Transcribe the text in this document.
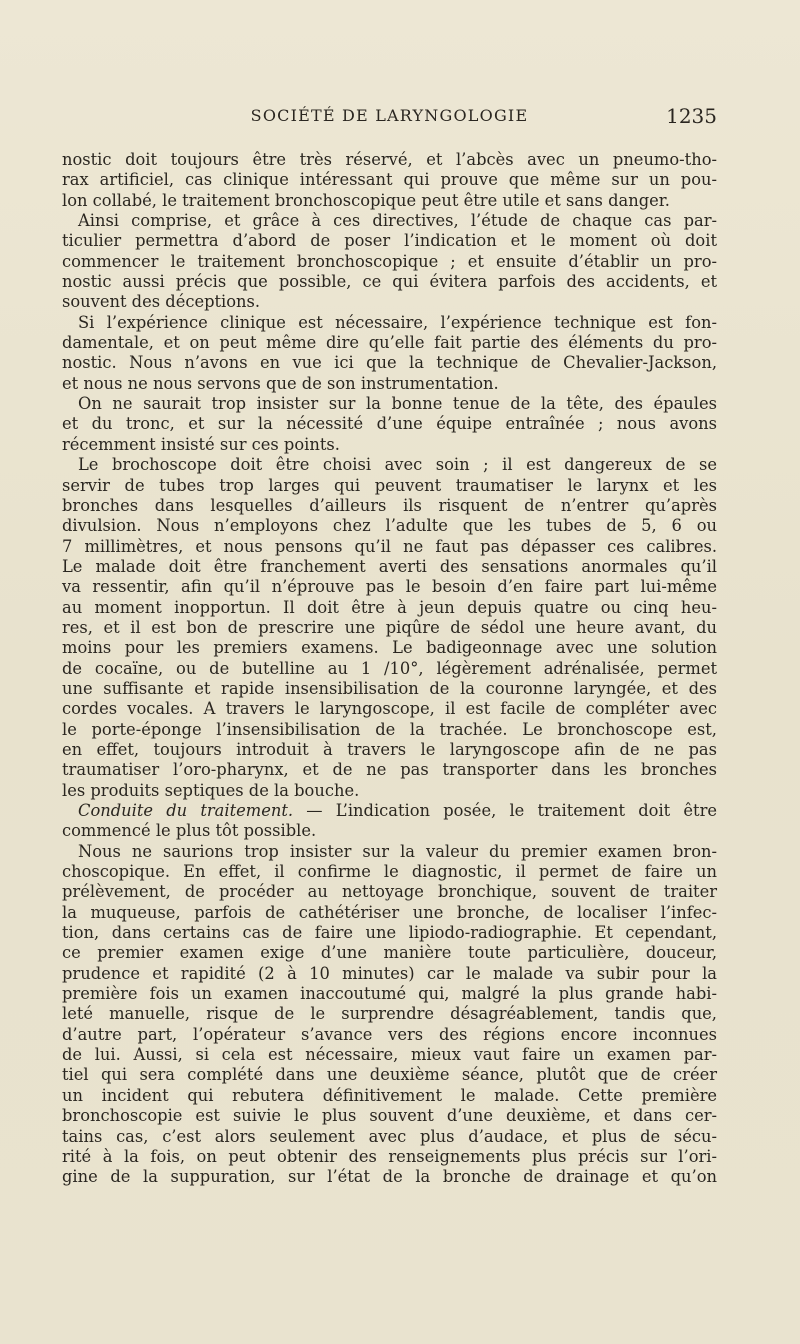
SOCIÉTÉ DE LARYNGOLOGIE	1235

nostic doit toujours être très réservé, et l’abcès avec un pneumo-tho-
rax artificiel, cas clinique intéressant qui prouve que même sur un pou-
lon collabé, le traitement bronchoscopique peut être utile et sans danger.

Ainsi comprise, et grâce à ces directives, l’étude de chaque cas par-
ticulier permettra d’abord de poser l’indication et le moment où doit
commencer le traitement bronchoscopique ; et ensuite d’établir un pro-
nostic aussi précis que possible, ce qui évitera parfois des accidents, et
souvent des déceptions.

Si l’expérience clinique est nécessaire, l’expérience technique est fon-
damentale, et on peut même dire qu’elle fait partie des éléments du pro-
nostic. Nous n’avons en vue ici que la technique de Chevalier-Jackson,
et nous ne nous servons que de son instrumentation.

On ne saurait trop insister sur la bonne tenue de la tête, des épaules
et du tronc, et sur la nécessité d’une équipe entraînée ; nous avons
récemment insisté sur ces points.

Le brochoscope doit être choisi avec soin ; il est dangereux de se
servir de tubes trop larges qui peuvent traumatiser le larynx et les
bronches dans lesquelles d’ailleurs ils risquent de n’entrer qu’après
divulsion. Nous n’employons chez l’adulte que les tubes de 5, 6 ou
7 millimètres, et nous pensons qu’il ne faut pas dépasser ces calibres.
Le malade doit être franchement averti des sensations anormales qu’il
va ressentir, afin qu’il n’éprouve pas le besoin d’en faire part lui-même
au moment inopportun. Il doit être à jeun depuis quatre ou cinq heu-
res, et il est bon de prescrire une piqûre de sédol une heure avant, du
moins pour les premiers examens. Le badigeonnage avec une solution
de cocaïne, ou de butelline au 1 /10°, légèrement adrénalisée, permet
une suffisante et rapide insensibilisation de la couronne laryngée, et des
cordes vocales. A travers le laryngoscope, il est facile de compléter avec
le porte-éponge l’insensibilisation de la trachée. Le bronchoscope est,
en effet, toujours introduit à travers le laryngoscope afin de ne pas
traumatiser l’oro-pharynx, et de ne pas transporter dans les bronches
les produits septiques de la bouche.

Conduite du traitement. — L’indication posée, le traitement doit être
commencé le plus tôt possible.

Nous ne saurions trop insister sur la valeur du premier examen bron-
choscopique. En effet, il confirme le diagnostic, il permet de faire un
prélèvement, de procéder au nettoyage bronchique, souvent de traiter
la muqueuse, parfois de cathétériser une bronche, de localiser l’infec-
tion, dans certains cas de faire une lipiodo-radiographie. Et cependant,
ce premier examen exige d’une manière toute particulière, douceur,
prudence et rapidité (2 à 10 minutes) car le malade va subir pour la
première fois un examen inaccoutumé qui, malgré la plus grande habi-
leté manuelle, risque de le surprendre désagréablement, tandis que,
d’autre part, l’opérateur s’avance vers des régions encore inconnues
de lui. Aussi, si cela est nécessaire, mieux vaut faire un examen par-
tiel qui sera complété dans une deuxième séance, plutôt que de créer
un incident qui rebutera définitivement le malade. Cette première
bronchoscopie est suivie le plus souvent d’une deuxième, et dans cer-
tains cas, c’est alors seulement avec plus d’audace, et plus de sécu-
rité à la fois, on peut obtenir des renseignements plus précis sur l’ori-
gine de la suppuration, sur l’état de la bronche de drainage et qu’on
